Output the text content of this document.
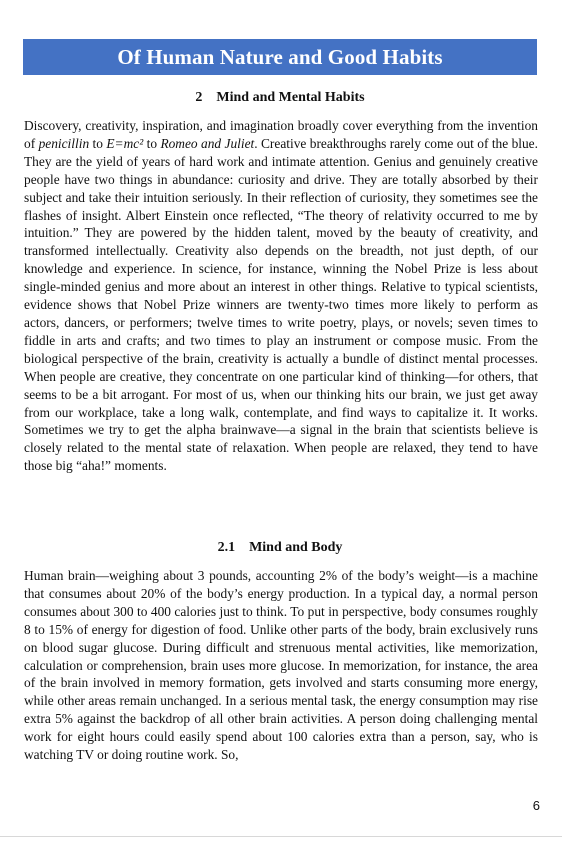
Of Human Nature and Good Habits
2 Mind and Mental Habits

Discovery, creativity, inspiration, and imagination broadly cover everything from the invention of penicillin to E=mc² to Romeo and Juliet. Creative breakthroughs rarely come out of the blue. They are the yield of years of hard work and intimate attention. Genius and genuinely creative people have two things in abundance: curiosity and drive. They are totally absorbed by their subject and take their intuition seriously. In their reflection of curiosity, they sometimes see the flashes of insight. Albert Einstein once reflected, “The theory of relativity occurred to me by intuition.” They are powered by the hidden talent, moved by the beauty of creativity, and transformed intellectually. Creativity also depends on the breadth, not just depth, of our knowledge and experience. In science, for instance, winning the Nobel Prize is less about single-minded genius and more about an interest in other things. Relative to typical scientists, evidence shows that Nobel Prize winners are twenty-two times more likely to perform as actors, dancers, or performers; twelve times to write poetry, plays, or novels; seven times to fiddle in arts and crafts; and two times to play an instrument or compose music. From the biological perspective of the brain, creativity is actually a bundle of distinct mental processes. When people are creative, they concentrate on one particular kind of thinking—for others, that seems to be a bit arrogant. For most of us, when our thinking hits our brain, we just get away from our workplace, take a long walk, contemplate, and find ways to capitalize it. It works. Sometimes we try to get the alpha brainwave—a signal in the brain that scientists believe is closely related to the mental state of relaxation. When people are relaxed, they tend to have those big “aha!” moments.

2.1 Mind and Body

Human brain—weighing about 3 pounds, accounting 2% of the body’s weight—is a machine that consumes about 20% of the body’s energy production. In a typical day, a normal person consumes about 300 to 400 calories just to think. To put in perspective, body consumes roughly 8 to 15% of energy for digestion of food. Unlike other parts of the body, brain exclusively runs on blood sugar glucose. During difficult and strenuous mental activities, like memorization, calculation or comprehension, brain uses more glucose. In memorization, for instance, the area of the brain involved in memory formation, gets involved and starts consuming more energy, while other areas remain unchanged. In a serious mental task, the energy consumption may rise extra 5% against the backdrop of all other brain activities. A person doing challenging mental work for eight hours could easily spend about 100 calories extra than a person, say, who is watching TV or doing routine work. So,

6
